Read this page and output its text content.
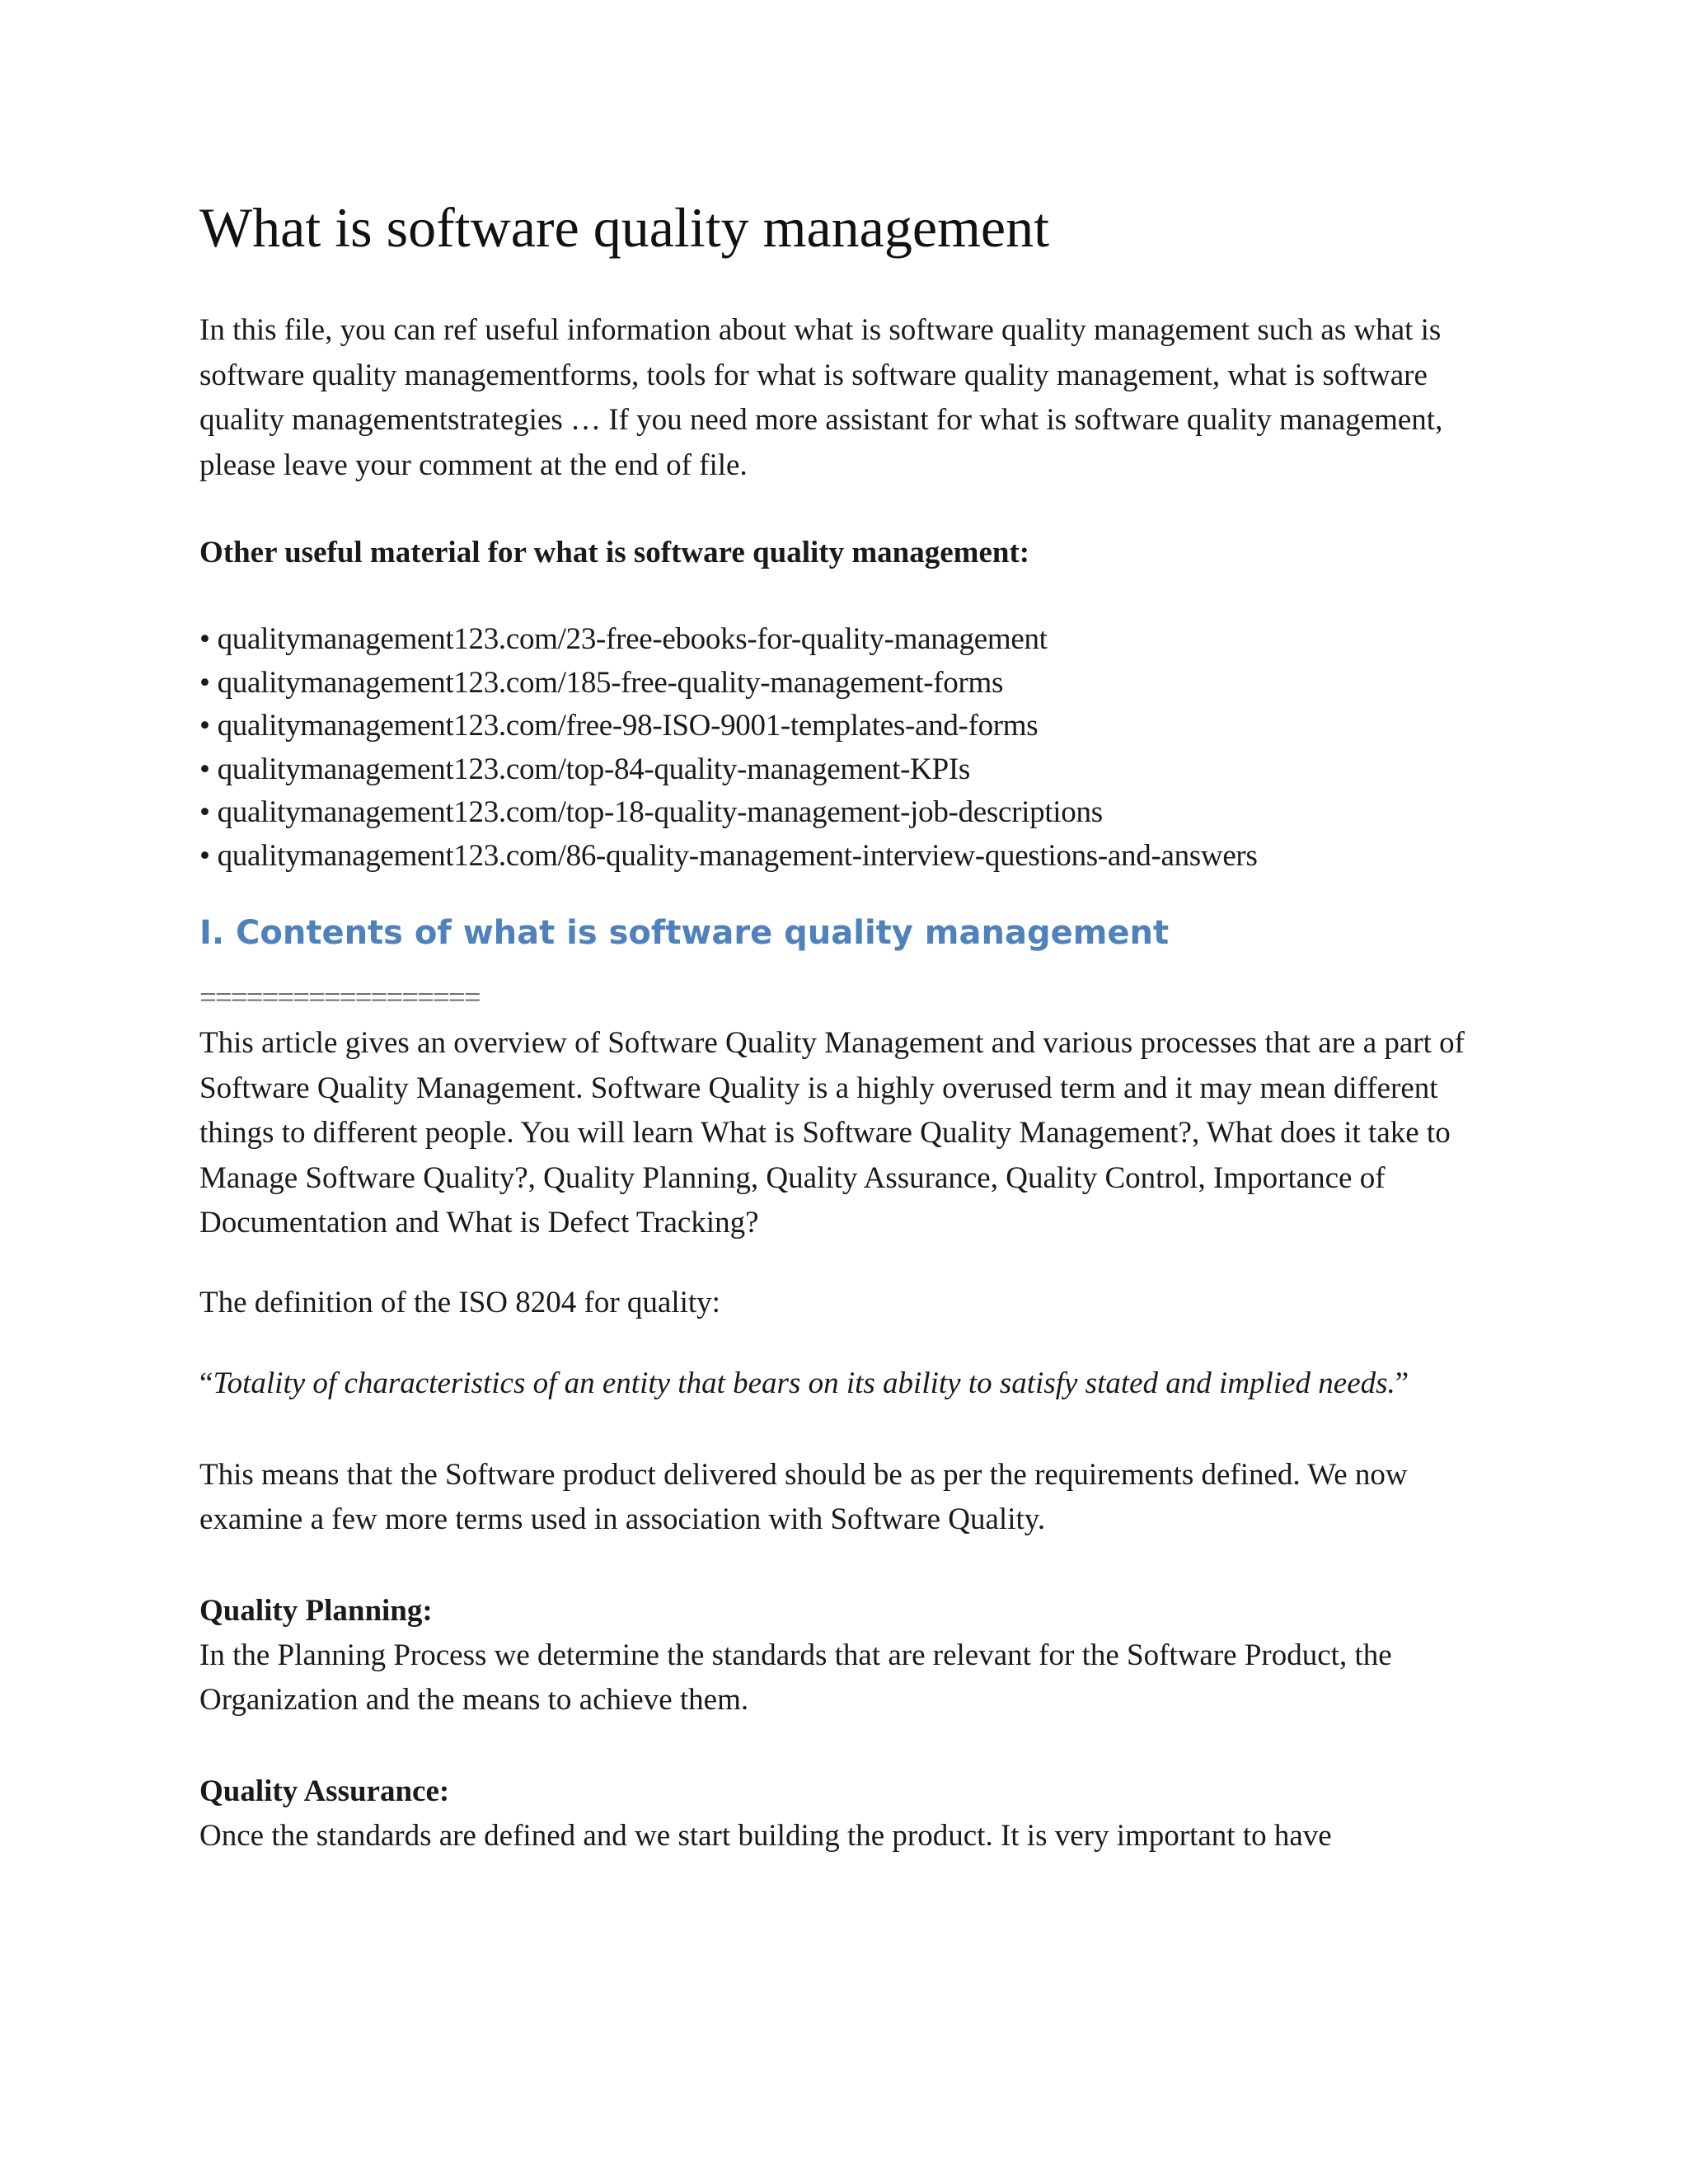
What is software quality management

In this file, you can ref useful information about what is software quality management such as what is software quality managementforms, tools for what is software quality management, what is software quality managementstrategies … If you need more assistant for what is software quality management, please leave your comment at the end of file.

Other useful material for what is software quality management:
• qualitymanagement123.com/23-free-ebooks-for-quality-management
• qualitymanagement123.com/185-free-quality-management-forms
• qualitymanagement123.com/free-98-ISO-9001-templates-and-forms
• qualitymanagement123.com/top-84-quality-management-KPIs
• qualitymanagement123.com/top-18-quality-management-job-descriptions
• qualitymanagement123.com/86-quality-management-interview-questions-and-answers
I. Contents of what is software quality management
==================

This article gives an overview of Software Quality Management and various processes that are a part of Software Quality Management. Software Quality is a highly overused term and it may mean different things to different people. You will learn What is Software Quality Management?, What does it take to Manage Software Quality?, Quality Planning, Quality Assurance, Quality Control, Importance of Documentation and What is Defect Tracking?

The definition of the ISO 8204 for quality:

“Totality of characteristics of an entity that bears on its ability to satisfy stated and implied needs.”

This means that the Software product delivered should be as per the requirements defined. We now examine a few more terms used in association with Software Quality.

Quality Planning:

In the Planning Process we determine the standards that are relevant for the Software Product, the Organization and the means to achieve them.

Quality Assurance:

Once the standards are defined and we start building the product. It is very important to have
